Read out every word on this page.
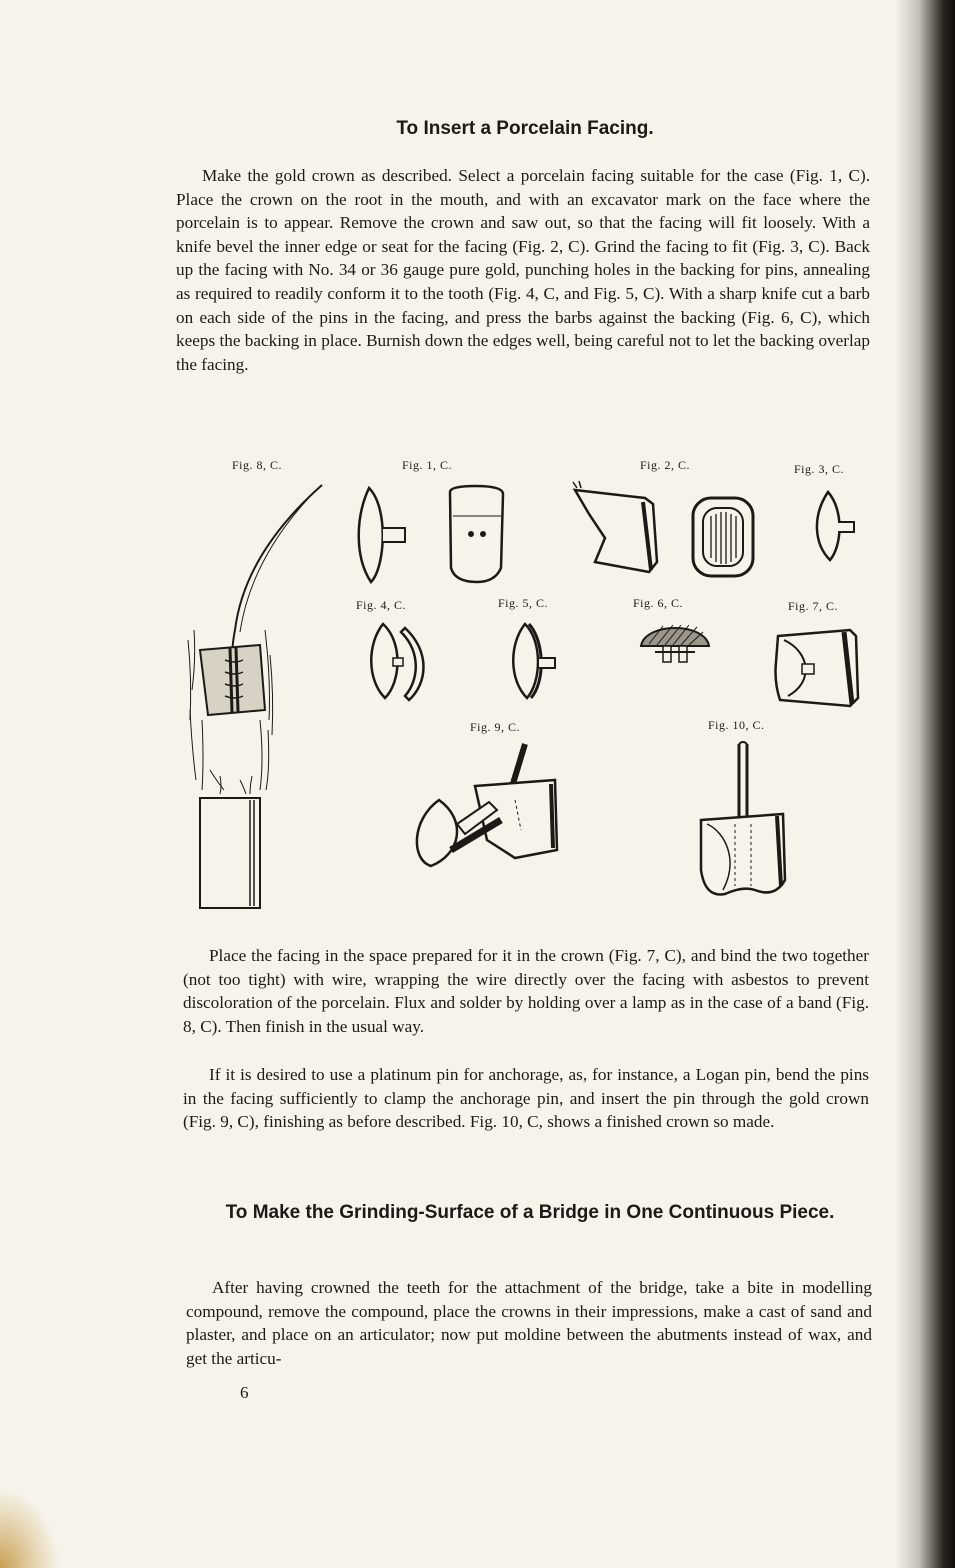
To Insert a Porcelain Facing.

Make the gold crown as described. Select a porcelain facing suitable for the case (Fig. 1, C). Place the crown on the root in the mouth, and with an excavator mark on the face where the porcelain is to appear. Remove the crown and saw out, so that the facing will fit loosely. With a knife bevel the inner edge or seat for the facing (Fig. 2, C). Grind the facing to fit (Fig. 3, C). Back up the facing with No. 34 or 36 gauge pure gold, punching holes in the backing for pins, annealing as required to readily conform it to the tooth (Fig. 4, C, and Fig. 5, C). With a sharp knife cut a barb on each side of the pins in the facing, and press the barbs against the backing (Fig. 6, C), which keeps the backing in place. Burnish down the edges well, being careful not to let the backing overlap the facing.

Fig. 8, C.	Fig. 1, C.	Fig. 2, C.	Fig. 3, C.
Fig. 4, C.	Fig. 5, C.	Fig. 6, C.	Fig. 7, C.
Fig. 9, C.	Fig. 10, C.

Place the facing in the space prepared for it in the crown (Fig. 7, C), and bind the two together (not too tight) with wire, wrapping the wire directly over the facing with asbestos to prevent discoloration of the porcelain. Flux and solder by holding over a lamp as in the case of a band (Fig. 8, C). Then finish in the usual way.

If it is desired to use a platinum pin for anchorage, as, for instance, a Logan pin, bend the pins in the facing sufficiently to clamp the anchorage pin, and insert the pin through the gold crown (Fig. 9, C), finishing as before described. Fig. 10, C, shows a finished crown so made.

To Make the Grinding-Surface of a Bridge in One Continuous Piece.

After having crowned the teeth for the attachment of the bridge, take a bite in modelling compound, remove the compound, place the crowns in their impressions, make a cast of sand and plaster, and place on an articulator; now put moldine between the abutments instead of wax, and get the articu-

6
